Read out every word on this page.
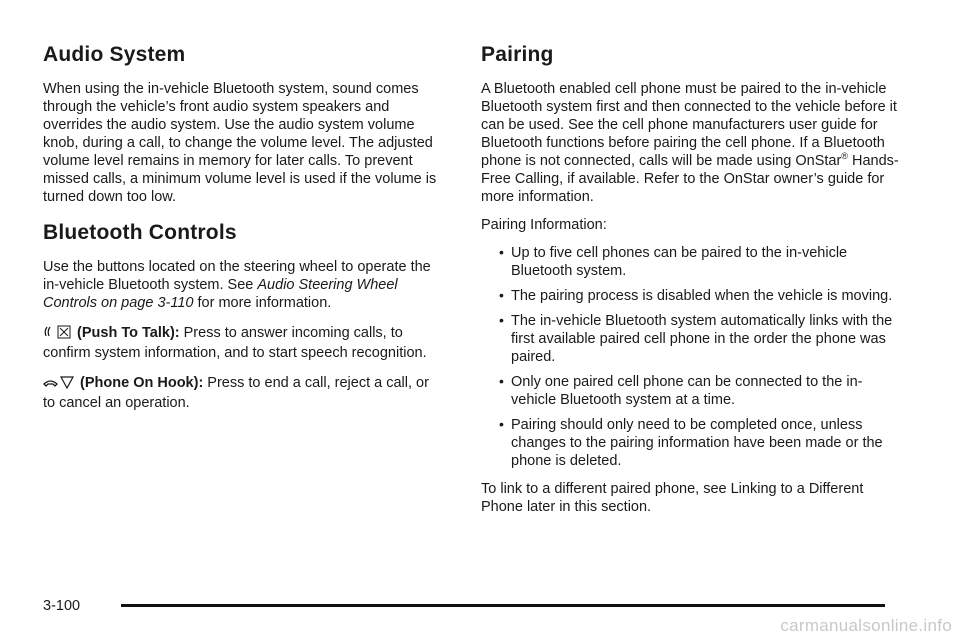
Audio System

When using the in-vehicle Bluetooth system, sound comes through the vehicle’s front audio system speakers and overrides the audio system. Use the audio system volume knob, during a call, to change the volume level. The adjusted volume level remains in memory for later calls. To prevent missed calls, a minimum volume level is used if the volume is turned down too low.

Bluetooth Controls

Use the buttons located on the steering wheel to operate the in-vehicle Bluetooth system. See Audio Steering Wheel Controls on page 3-110 for more information.

(Push To Talk): Press to answer incoming calls, to confirm system information, and to start speech recognition.

(Phone On Hook): Press to end a call, reject a call, or to cancel an operation.

Pairing

A Bluetooth enabled cell phone must be paired to the in-vehicle Bluetooth system first and then connected to the vehicle before it can be used. See the cell phone manufacturers user guide for Bluetooth functions before pairing the cell phone. If a Bluetooth phone is not connected, calls will be made using OnStar® Hands-Free Calling, if available. Refer to the OnStar owner’s guide for more information.

Pairing Information:

• Up to five cell phones can be paired to the in-vehicle Bluetooth system.
• The pairing process is disabled when the vehicle is moving.
• The in-vehicle Bluetooth system automatically links with the first available paired cell phone in the order the phone was paired.
• Only one paired cell phone can be connected to the in-vehicle Bluetooth system at a time.
• Pairing should only need to be completed once, unless changes to the pairing information have been made or the phone is deleted.

To link to a different paired phone, see Linking to a Different Phone later in this section.

3-100
carmanualsonline.info
